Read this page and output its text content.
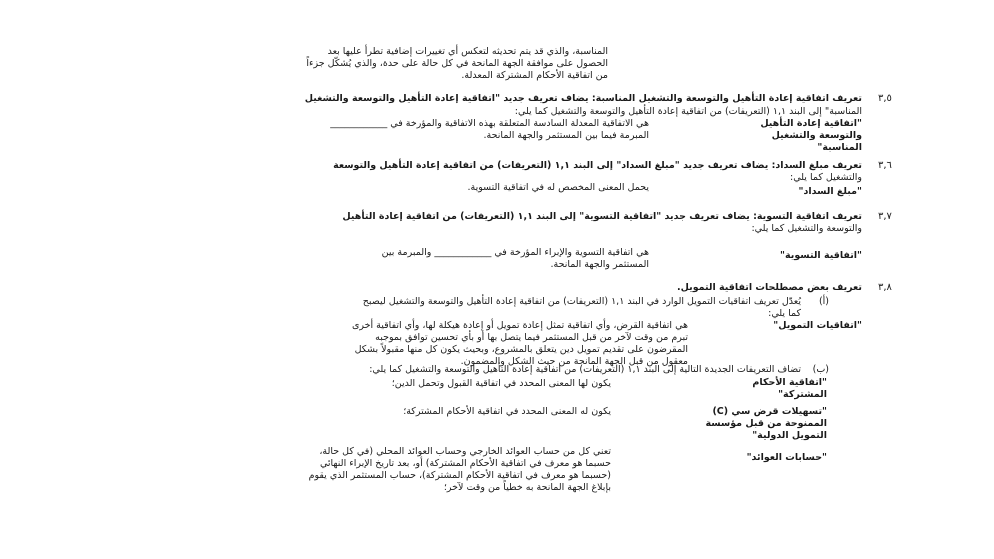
المناسبة، والذي قد يتم تحديثه لتعكس أي تغييرات إضافية تطرأ عليها بعد
الحصول على موافقة الجهة المانحة في كل حالة على حدة، والذي يُشكّل جزءاً
من اتفاقية الأحكام المشتركة المعدلة.
٣,٥
تعريف اتفاقية إعادة التأهيل والتوسعة والتشغيل المناسبة: يضاف تعريف جديد "اتفاقية إعادة التأهيل والتوسعة والتشغيل
المناسبة" إلى البند ١,١ (التعريفات) من اتفاقية إعادة التأهيل والتوسعة والتشغيل كما يلي:
"اتفاقية إعادة التأهيل
والتوسعة والتشغيل
المناسبة"
هي الاتفاقية المعدلة السادسة المتعلقة بهذه الاتفاقية والمؤرخة في ____________
المبرمة فيما بين المستثمر والجهة المانحة.
٣,٦
تعريف مبلغ السداد: يضاف تعريف جديد "مبلغ السداد" إلى البند ١,١ (التعريفات) من اتفاقية إعادة التأهيل والتوسعة
والتشغيل كما يلي:
"مبلغ السداد"
يحمل المعنى المخصص له في اتفاقية التسوية.
٣,٧
تعريف اتفاقية التسوية: يضاف تعريف جديد "اتفاقية التسوية" إلى البند ١,١ (التعريفات) من اتفاقية إعادة التأهيل
والتوسعة والتشغيل كما يلي:
"اتفاقية التسوية"
هي اتفاقية التسوية والإبراء المؤرخة في ____________ والمبرمة بين
المستثمر والجهة المانحة.
٣,٨
تعريف بعض مصطلحات اتفاقية التمويل.
(أ)
يُعدّل تعريف اتفاقيات التمويل الوارد في البند ١,١ (التعريفات) من اتفاقية إعادة التأهيل والتوسعة والتشغيل ليصبح
كما يلي:
"اتفاقيات التمويل"
هي اتفاقية القرض، وأي اتفاقية تمثل إعادة تمويل أو إعادة هيكلة لها، وأي اتفاقية أخرى
تبرم من وقت لآخر من قبل المستثمر فيما يتصل بها أو بأي تحسين توافق بموجبه
المقرضون على تقديم تمويل دين يتعلق بالمشروع، وبحيث يكون كل منها مقبولاً بشكل
معقول من قبل الجهة المانحة من حيث الشكل والمضمون.
(ب)
تضاف التعريفات الجديدة التالية إلى البند ١,١ (التعريفات) من اتفاقية إعادة التأهيل والتوسعة والتشغيل كما يلي:
"اتفاقية الأحكام
المشتركة"
يكون لها المعنى المحدد في اتفاقية القبول وتحمل الدين؛
"تسهيلات قرض سي (C)
الممنوحة من قبل مؤسسة
التمويل الدولية"
يكون له المعنى المحدد في اتفاقية الأحكام المشتركة؛
"حسابات العوائد"
تعني كل من حساب العوائد الخارجي وحساب العوائد المحلي (في كل حالة،
حسبما هو معرف في اتفاقية الأحكام المشتركة) أو، بعد تاريخ الإبراء النهائي
(حسبما هو معرف في اتفاقية الأحكام المشتركة)، حساب المستثمر الذي يقوم
بإبلاغ الجهة المانحة به خطياً من وقت لآخر؛
